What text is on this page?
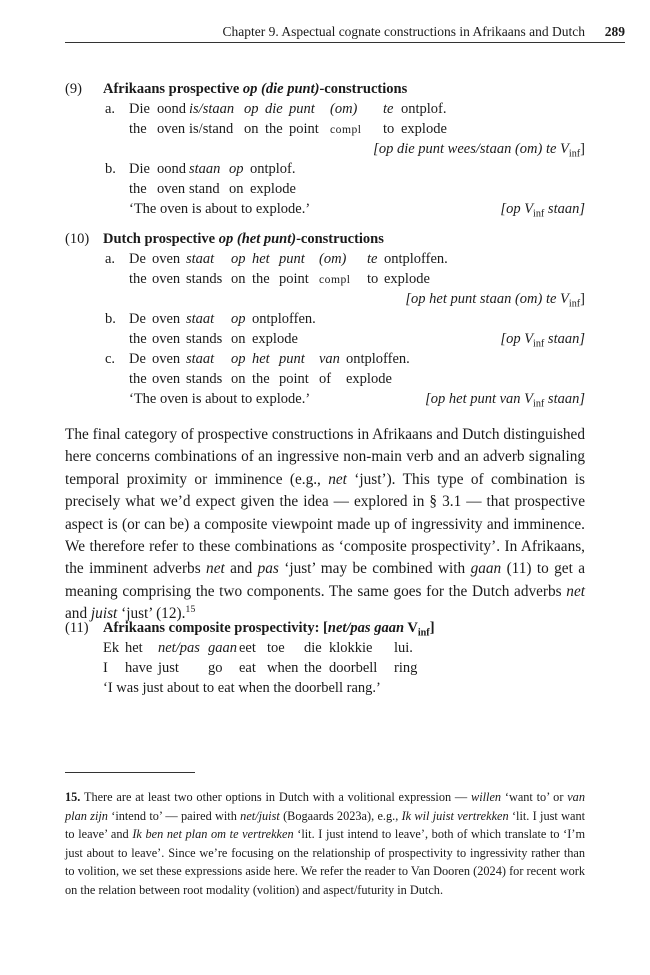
Chapter 9. Aspectual cognate constructions in Afrikaans and Dutch 289
(9) Afrikaans prospective op (die punt)-constructions
a. Die oond is/staan op die punt (om) te ontplof.
the oven is/stand on the point compl to explode
[op die punt wees/staan (om) te $V_{inf}$]
b. Die oond staan op ontplof.
the oven stand on explode
‘The oven is about to explode.’	[op $V_{inf}$ staan]
(10) Dutch prospective op (het punt)-constructions
a. De oven staat op het punt (om) te ontploffen.
the oven stands on the point compl to explode
[op het punt staan (om) te $V_{inf}$]
b. De oven staat op ontploffen.
the oven stands on explode	[op $V_{inf}$ staan]
c. De oven staat op het punt van ontploffen.
the oven stands on the point of explode
‘The oven is about to explode.’	[op het punt van $V_{inf}$ staan]

The final category of prospective constructions in Afrikaans and Dutch distinguished here concerns combinations of an ingressive non-main verb and an adverb signaling temporal proximity or imminence (e.g., net ‘just’). This type of combination is precisely what we’d expect given the idea — explored in § 3.1 — that prospective aspect is (or can be) a composite viewpoint made up of ingressivity and imminence. We therefore refer to these combinations as ‘composite prospectivity’. In Afrikaans, the imminent adverbs net and pas ‘just’ may be combined with gaan (11) to get a meaning comprising the two components. The same goes for the Dutch adverbs net and juist ‘just’ (12).$^{15}$

(11) Afrikaans composite prospectivity: [net/pas gaan $V_{inf}$]
Ek het net/pas gaan eet toe die klokkie lui.
I have just go eat when the doorbell ring
‘I was just about to eat when the doorbell rang.’

15. There are at least two other options in Dutch with a volitional expression — willen ‘want to’ or van plan zijn ‘intend to’ — paired with net/juist (Bogaards 2023a), e.g., Ik wil juist vertrekken ‘lit. I just want to leave’ and Ik ben net plan om te vertrekken ‘lit. I just intend to leave’, both of which translate to ‘I’m just about to leave’. Since we’re focusing on the relationship of prospectivity to ingressivity rather than to volition, we set these expressions aside here. We refer the reader to Van Dooren (2024) for recent work on the relation between root modality (volition) and aspect/futurity in Dutch.
